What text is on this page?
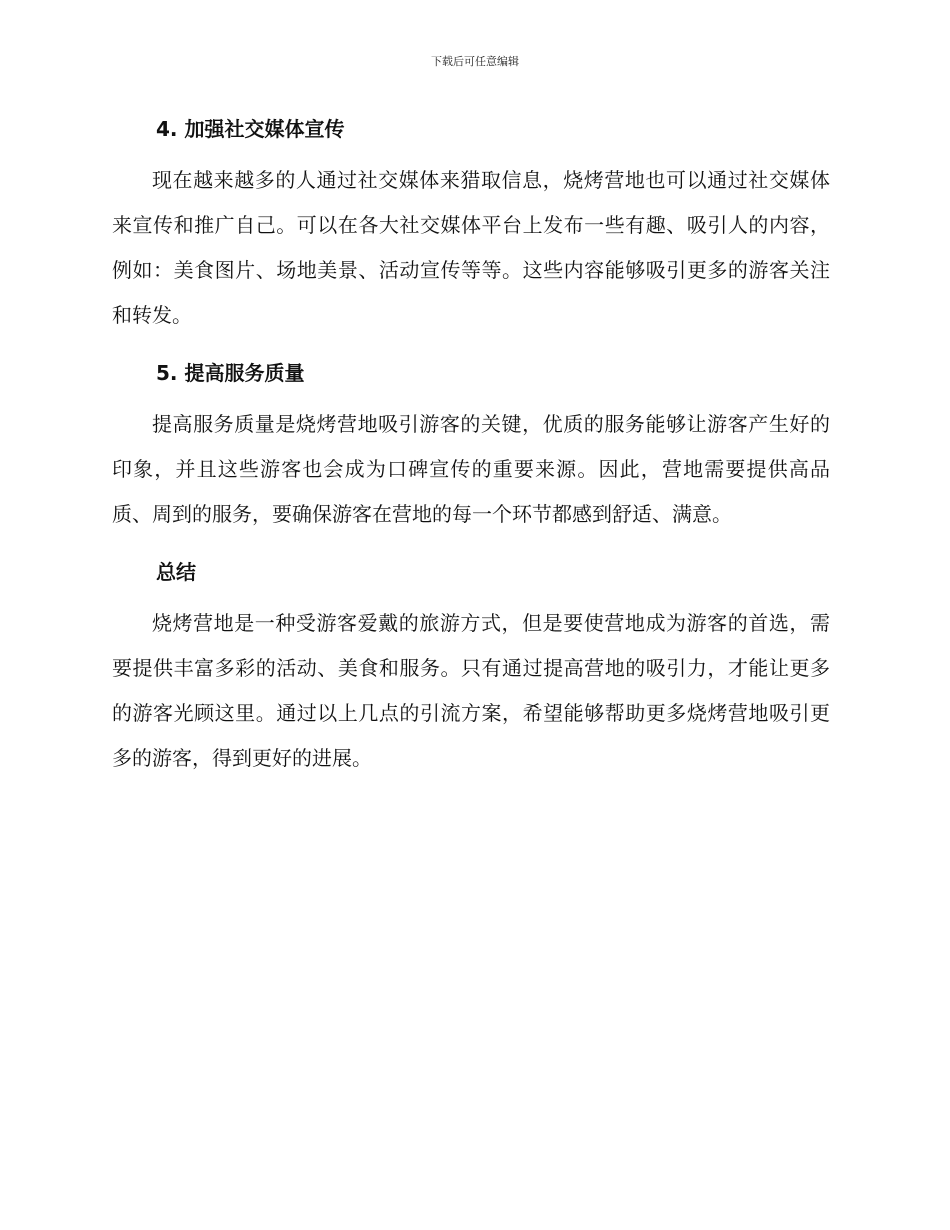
下载后可任意编辑
4. 加强社交媒体宣传

现在越来越多的人通过社交媒体来猎取信息，烧烤营地也可以通过社交媒体来宣传和推广自己。可以在各大社交媒体平台上发布一些有趣、吸引人的内容，例如：美食图片、场地美景、活动宣传等等。这些内容能够吸引更多的游客关注和转发。

5. 提高服务质量

提高服务质量是烧烤营地吸引游客的关键，优质的服务能够让游客产生好的印象，并且这些游客也会成为口碑宣传的重要来源。因此，营地需要提供高品质、周到的服务，要确保游客在营地的每一个环节都感到舒适、满意。

总结

烧烤营地是一种受游客爱戴的旅游方式，但是要使营地成为游客的首选，需要提供丰富多彩的活动、美食和服务。只有通过提高营地的吸引力，才能让更多的游客光顾这里。通过以上几点的引流方案，希望能够帮助更多烧烤营地吸引更多的游客，得到更好的进展。
